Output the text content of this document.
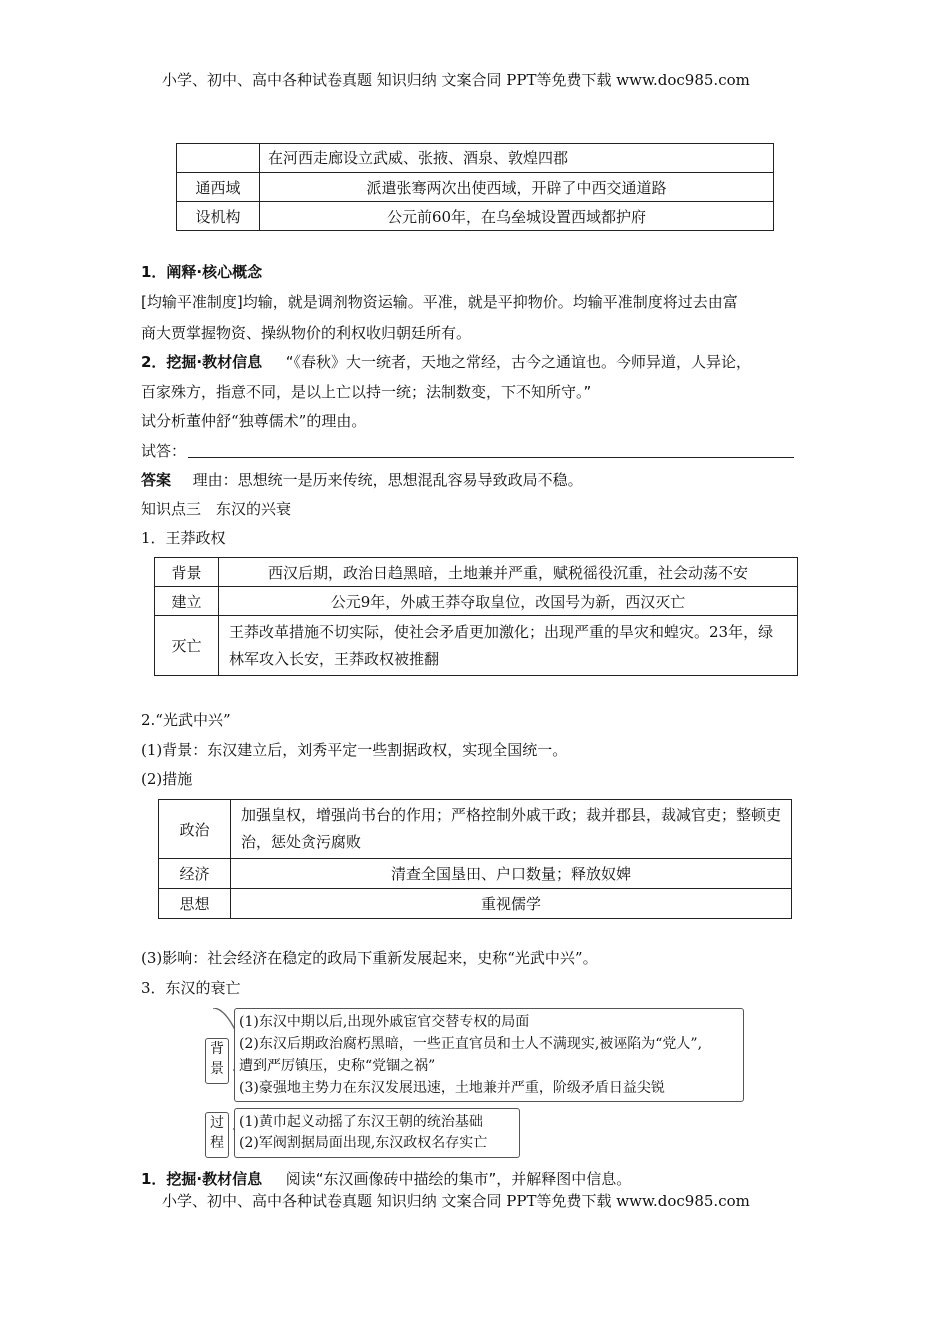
小学、初中、高中各种试卷真题 知识归纳 文案合同 PPT等免费下载 www.doc985.com
	在河西走廊设立武威、张掖、酒泉、敦煌四郡
通西域	派遣张骞两次出使西域，开辟了中西交通道路
设机构	公元前60年，在乌垒城设置西域都护府
1．阐释·核心概念
[均输平准制度]均输，就是调剂物资运输。平准，就是平抑物价。均输平准制度将过去由富
商大贾掌握物资、操纵物价的利权收归朝廷所有。
2．挖掘·教材信息 “《春秋》大一统者，天地之常经，古今之通谊也。今师异道，人异论，
百家殊方，指意不同，是以上亡以持一统；法制数变，下不知所守。”
试分析董仲舒“独尊儒术”的理由。
试答：
答案 理由：思想统一是历来传统，思想混乱容易导致政局不稳。
知识点三　东汉的兴衰
1．王莽政权
背景	西汉后期，政治日趋黑暗，土地兼并严重，赋税徭役沉重，社会动荡不安
建立	公元9年，外戚王莽夺取皇位，改国号为新，西汉灭亡
灭亡	王莽改革措施不切实际，使社会矛盾更加激化；出现严重的旱灾和蝗灾。23年，绿林军攻入长安，王莽政权被推翻
2.“光武中兴”
(1)背景：东汉建立后，刘秀平定一些割据政权，实现全国统一。
(2)措施
政治	加强皇权，增强尚书台的作用；严格控制外戚干政；裁并郡县，裁减官吏；整顿吏治，惩处贪污腐败
经济	清查全国垦田、户口数量；释放奴婢
思想	重视儒学
(3)影响：社会经济在稳定的政局下重新发展起来，史称“光武中兴”。
3．东汉的衰亡
背景
(1)东汉中期以后,出现外戚宦官交替专权的局面
(2)东汉后期政治腐朽黑暗，一些正直官员和士人不满现实,被诬陷为“党人”,
遭到严厉镇压，史称“党锢之祸”
(3)豪强地主势力在东汉发展迅速，土地兼并严重，阶级矛盾日益尖锐
过程
(1)黄巾起义动摇了东汉王朝的统治基础
(2)军阀割据局面出现,东汉政权名存实亡
1．挖掘·教材信息 阅读“东汉画像砖中描绘的集市”，并解释图中信息。
小学、初中、高中各种试卷真题 知识归纳 文案合同 PPT等免费下载 www.doc985.com
